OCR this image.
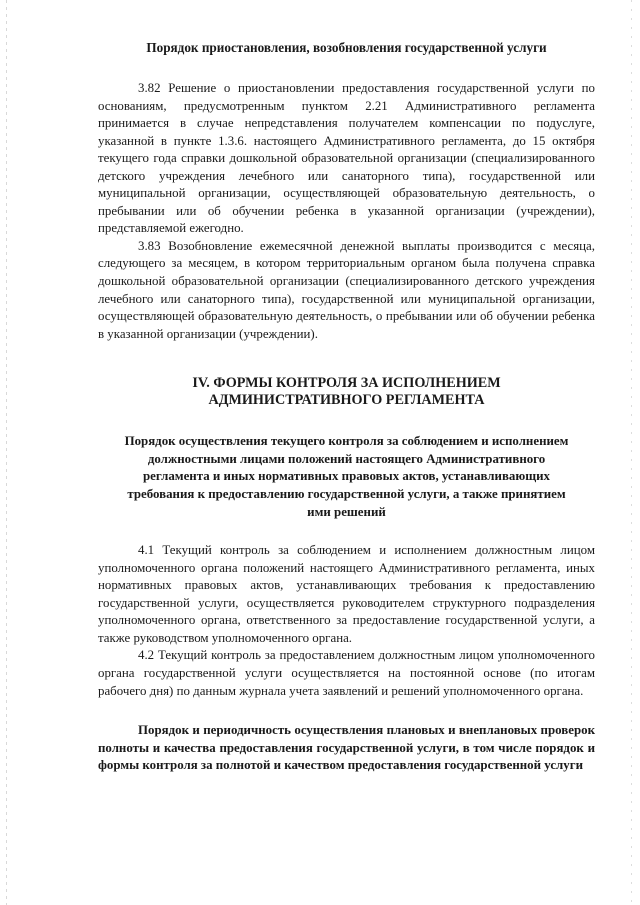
Порядок приостановления, возобновления государственной услуги

3.82 Решение о приостановлении предоставления государственной услуги по основаниям, предусмотренным пунктом 2.21 Административного регламента принимается в случае непредставления получателем компенсации по подуслуге, указанной в пункте 1.3.6. настоящего Административного регламента, до 15 октября текущего года справки дошкольной образовательной организации (специализированного детского учреждения лечебного или санаторного типа), государственной или муниципальной организации, осуществляющей образовательную деятельность, о пребывании или об обучении ребенка в указанной организации (учреждении), представляемой ежегодно.

3.83 Возобновление ежемесячной денежной выплаты производится с месяца, следующего за месяцем, в котором территориальным органом была получена справка дошкольной образовательной организации (специализированного детского учреждения лечебного или санаторного типа), государственной или муниципальной организации, осуществляющей образовательную деятельность, о пребывании или об обучении ребенка в указанной организации (учреждении).

IV. ФОРМЫ КОНТРОЛЯ ЗА ИСПОЛНЕНИЕМ

АДМИНИСТРАТИВНОГО РЕГЛАМЕНТА

Порядок осуществления текущего контроля за соблюдением и исполнением должностными лицами положений настоящего Административного регламента и иных нормативных правовых актов, устанавливающих требования к предоставлению государственной услуги, а также принятием ими решений

4.1 Текущий контроль за соблюдением и исполнением должностным лицом уполномоченного органа положений настоящего Административного регламента, иных нормативных правовых актов, устанавливающих требования к предоставлению государственной услуги, осуществляется руководителем структурного подразделения уполномоченного органа, ответственного за предоставление государственной услуги, а также руководством уполномоченного органа.

4.2 Текущий контроль за предоставлением должностным лицом уполномоченного органа государственной услуги осуществляется на постоянной основе (по итогам рабочего дня) по данным журнала учета заявлений и решений уполномоченного органа.

Порядок и периодичность осуществления плановых и внеплановых проверок полноты и качества предоставления государственной услуги, в том числе порядок и формы контроля за полнотой и качеством предоставления государственной услуги
